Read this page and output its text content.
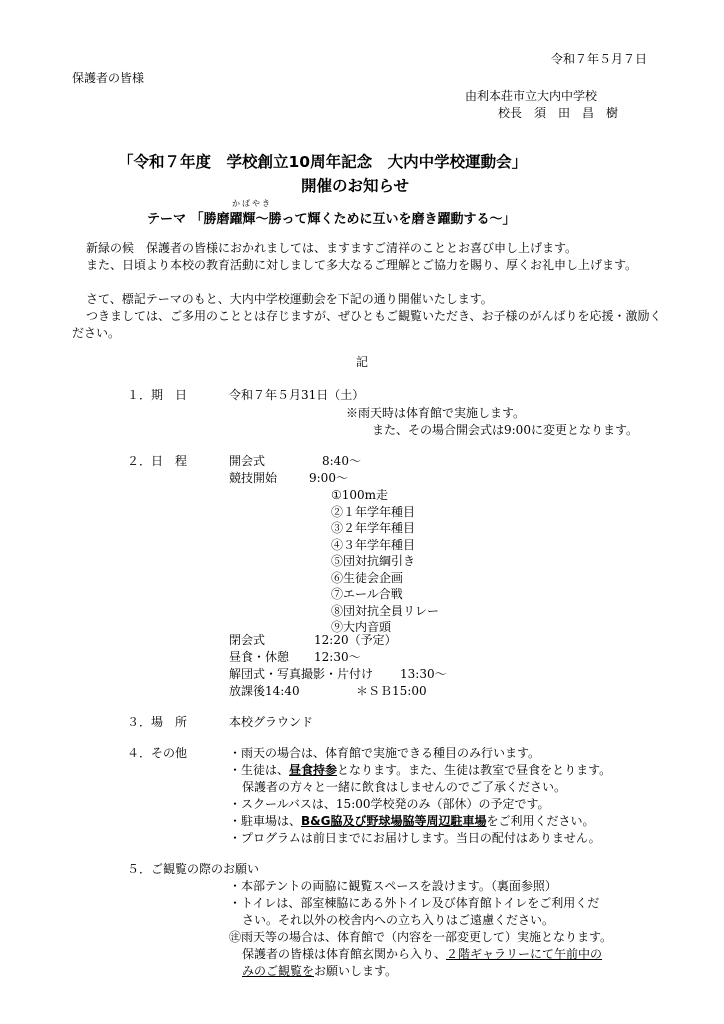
令和７年５月７日
保護者の皆様
由利本荘市立大内中学校
校長　須　田　昌　樹
「令和７年度　学校創立10周年記念　大内中学校運動会」
開催のお知らせ
かばやき
テーマ 「勝磨躍輝～勝って輝くために互いを磨き躍動する～」
新緑の候　保護者の皆様におかれましては、ますますご清祥のこととお喜び申し上げます。
また、日頃より本校の教育活動に対しまして多大なるご理解とご協力を賜り、厚くお礼申し上げます。
さて、標記テーマのもと、大内中学校運動会を下記の通り開催いたします。
つきましては、ご多用のこととは存じますが、ぜひともご観覧いただき、お子様のがんばりを応援・激励ください。
記
１．期　日	令和７年５月31日（土）
※雨天時は体育館で実施します。
また、その場合開会式は9:00に変更となります。
２．日　程	開会式	8:40～
競技開始	9:00～
①100m走
②１年学年種目
③２年学年種目
④３年学年種目
⑤団対抗綱引き
⑥生徒会企画
⑦エール合戦
⑧団対抗全員リレー
⑨大内音頭
閉会式	12:20（予定）
昼食・休憩 12:30～
解団式・写真撮影・片付け 13:30～
放課後14:40	＊ＳＢ15:00
３．場　所	本校グラウンド
４．その他	・雨天の場合は、体育館で実施できる種目のみ行います。
・生徒は、昼食持参となります。また、生徒は教室で昼食をとります。
保護者の方々と一緒に飲食はしませんのでご了承ください。
・スクールバスは、15:00学校発のみ（部休）の予定です。
・駐車場は、B&G脇及び野球場脇等周辺駐車場をご利用ください。
・プログラムは前日までにお届けします。当日の配付はありません。
５．ご観覧の際のお願い
・本部テントの両脇に観覧スペースを設けます。（裏面参照）
・トイレは、部室棟脇にある外トイレ及び体育館トイレをご利用くだ
さい。それ以外の校舎内への立ち入りはご遠慮ください。
㊟雨天等の場合は、体育館で（内容を一部変更して）実施となります。
保護者の皆様は体育館玄関から入り、２階ギャラリーにて午前中の
みのご観覧をお願いします。
